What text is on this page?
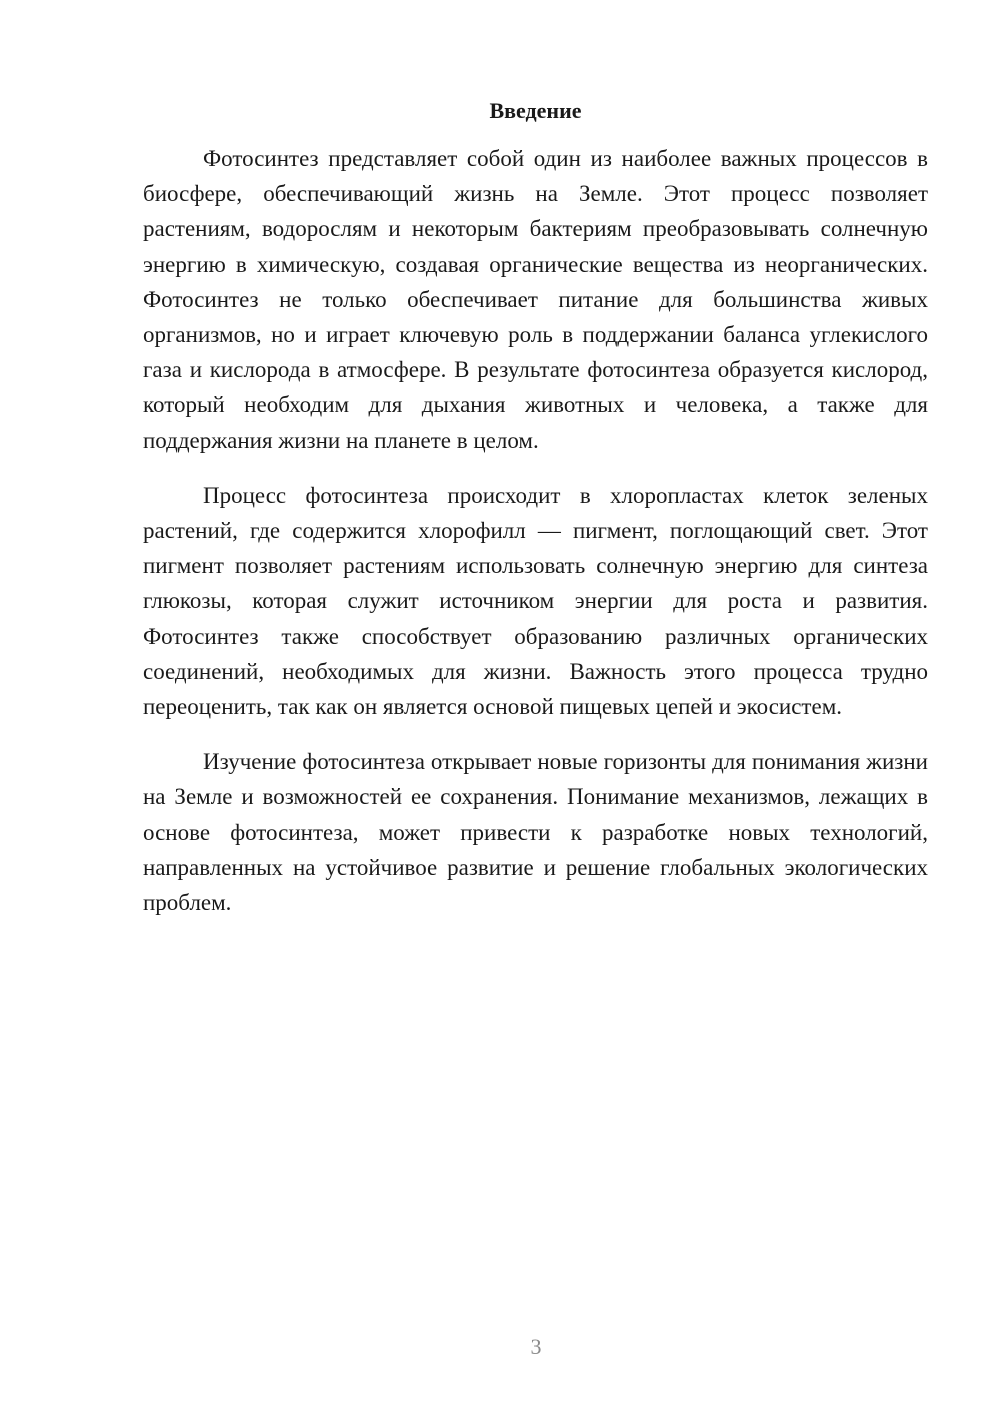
Введение

Фотосинтез представляет собой один из наиболее важных процессов в биосфере, обеспечивающий жизнь на Земле. Этот процесс позволяет растениям, водорослям и некоторым бактериям преобразовывать солнечную энергию в химическую, создавая органические вещества из неорганических. Фотосинтез не только обеспечивает питание для большинства живых организмов, но и играет ключевую роль в поддержании баланса углекислого газа и кислорода в атмосфере. В результате фотосинтеза образуется кислород, который необходим для дыхания животных и человека, а также для поддержания жизни на планете в целом.

Процесс фотосинтеза происходит в хлоропластах клеток зеленых растений, где содержится хлорофилл — пигмент, поглощающий свет. Этот пигмент позволяет растениям использовать солнечную энергию для синтеза глюкозы, которая служит источником энергии для роста и развития. Фотосинтез также способствует образованию различных органических соединений, необходимых для жизни. Важность этого процесса трудно переоценить, так как он является основой пищевых цепей и экосистем.

Изучение фотосинтеза открывает новые горизонты для понимания жизни на Земле и возможностей ее сохранения. Понимание механизмов, лежащих в основе фотосинтеза, может привести к разработке новых технологий, направленных на устойчивое развитие и решение глобальных экологических проблем.

3
